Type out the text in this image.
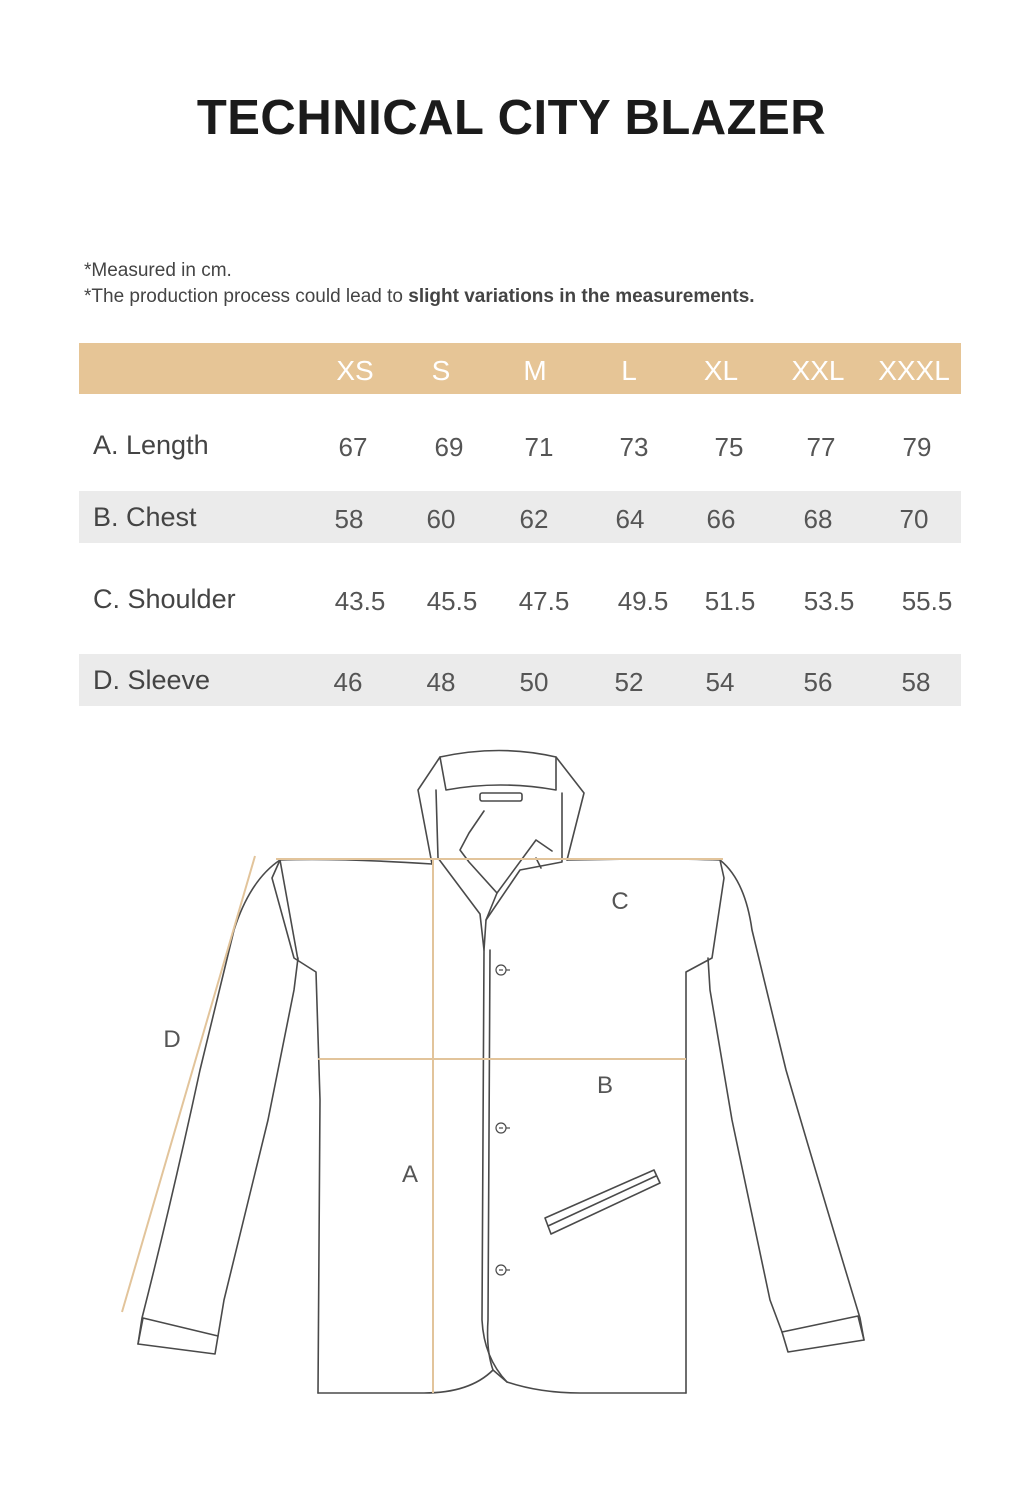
TECHNICAL CITY BLAZER
*Measured in cm.
*The production process could lead to slight variations in the measurements.
XS	S	M	L	XL	XXL	XXXL
A. Length	67	69	71	73	75	77	79
B. Chest	58	60	62	64	66	68	70
C. Shoulder	43.5	45.5	47.5	49.5	51.5	53.5	55.5
D. Sleeve	46	48	50	52	54	56	58
A
B
C
D
